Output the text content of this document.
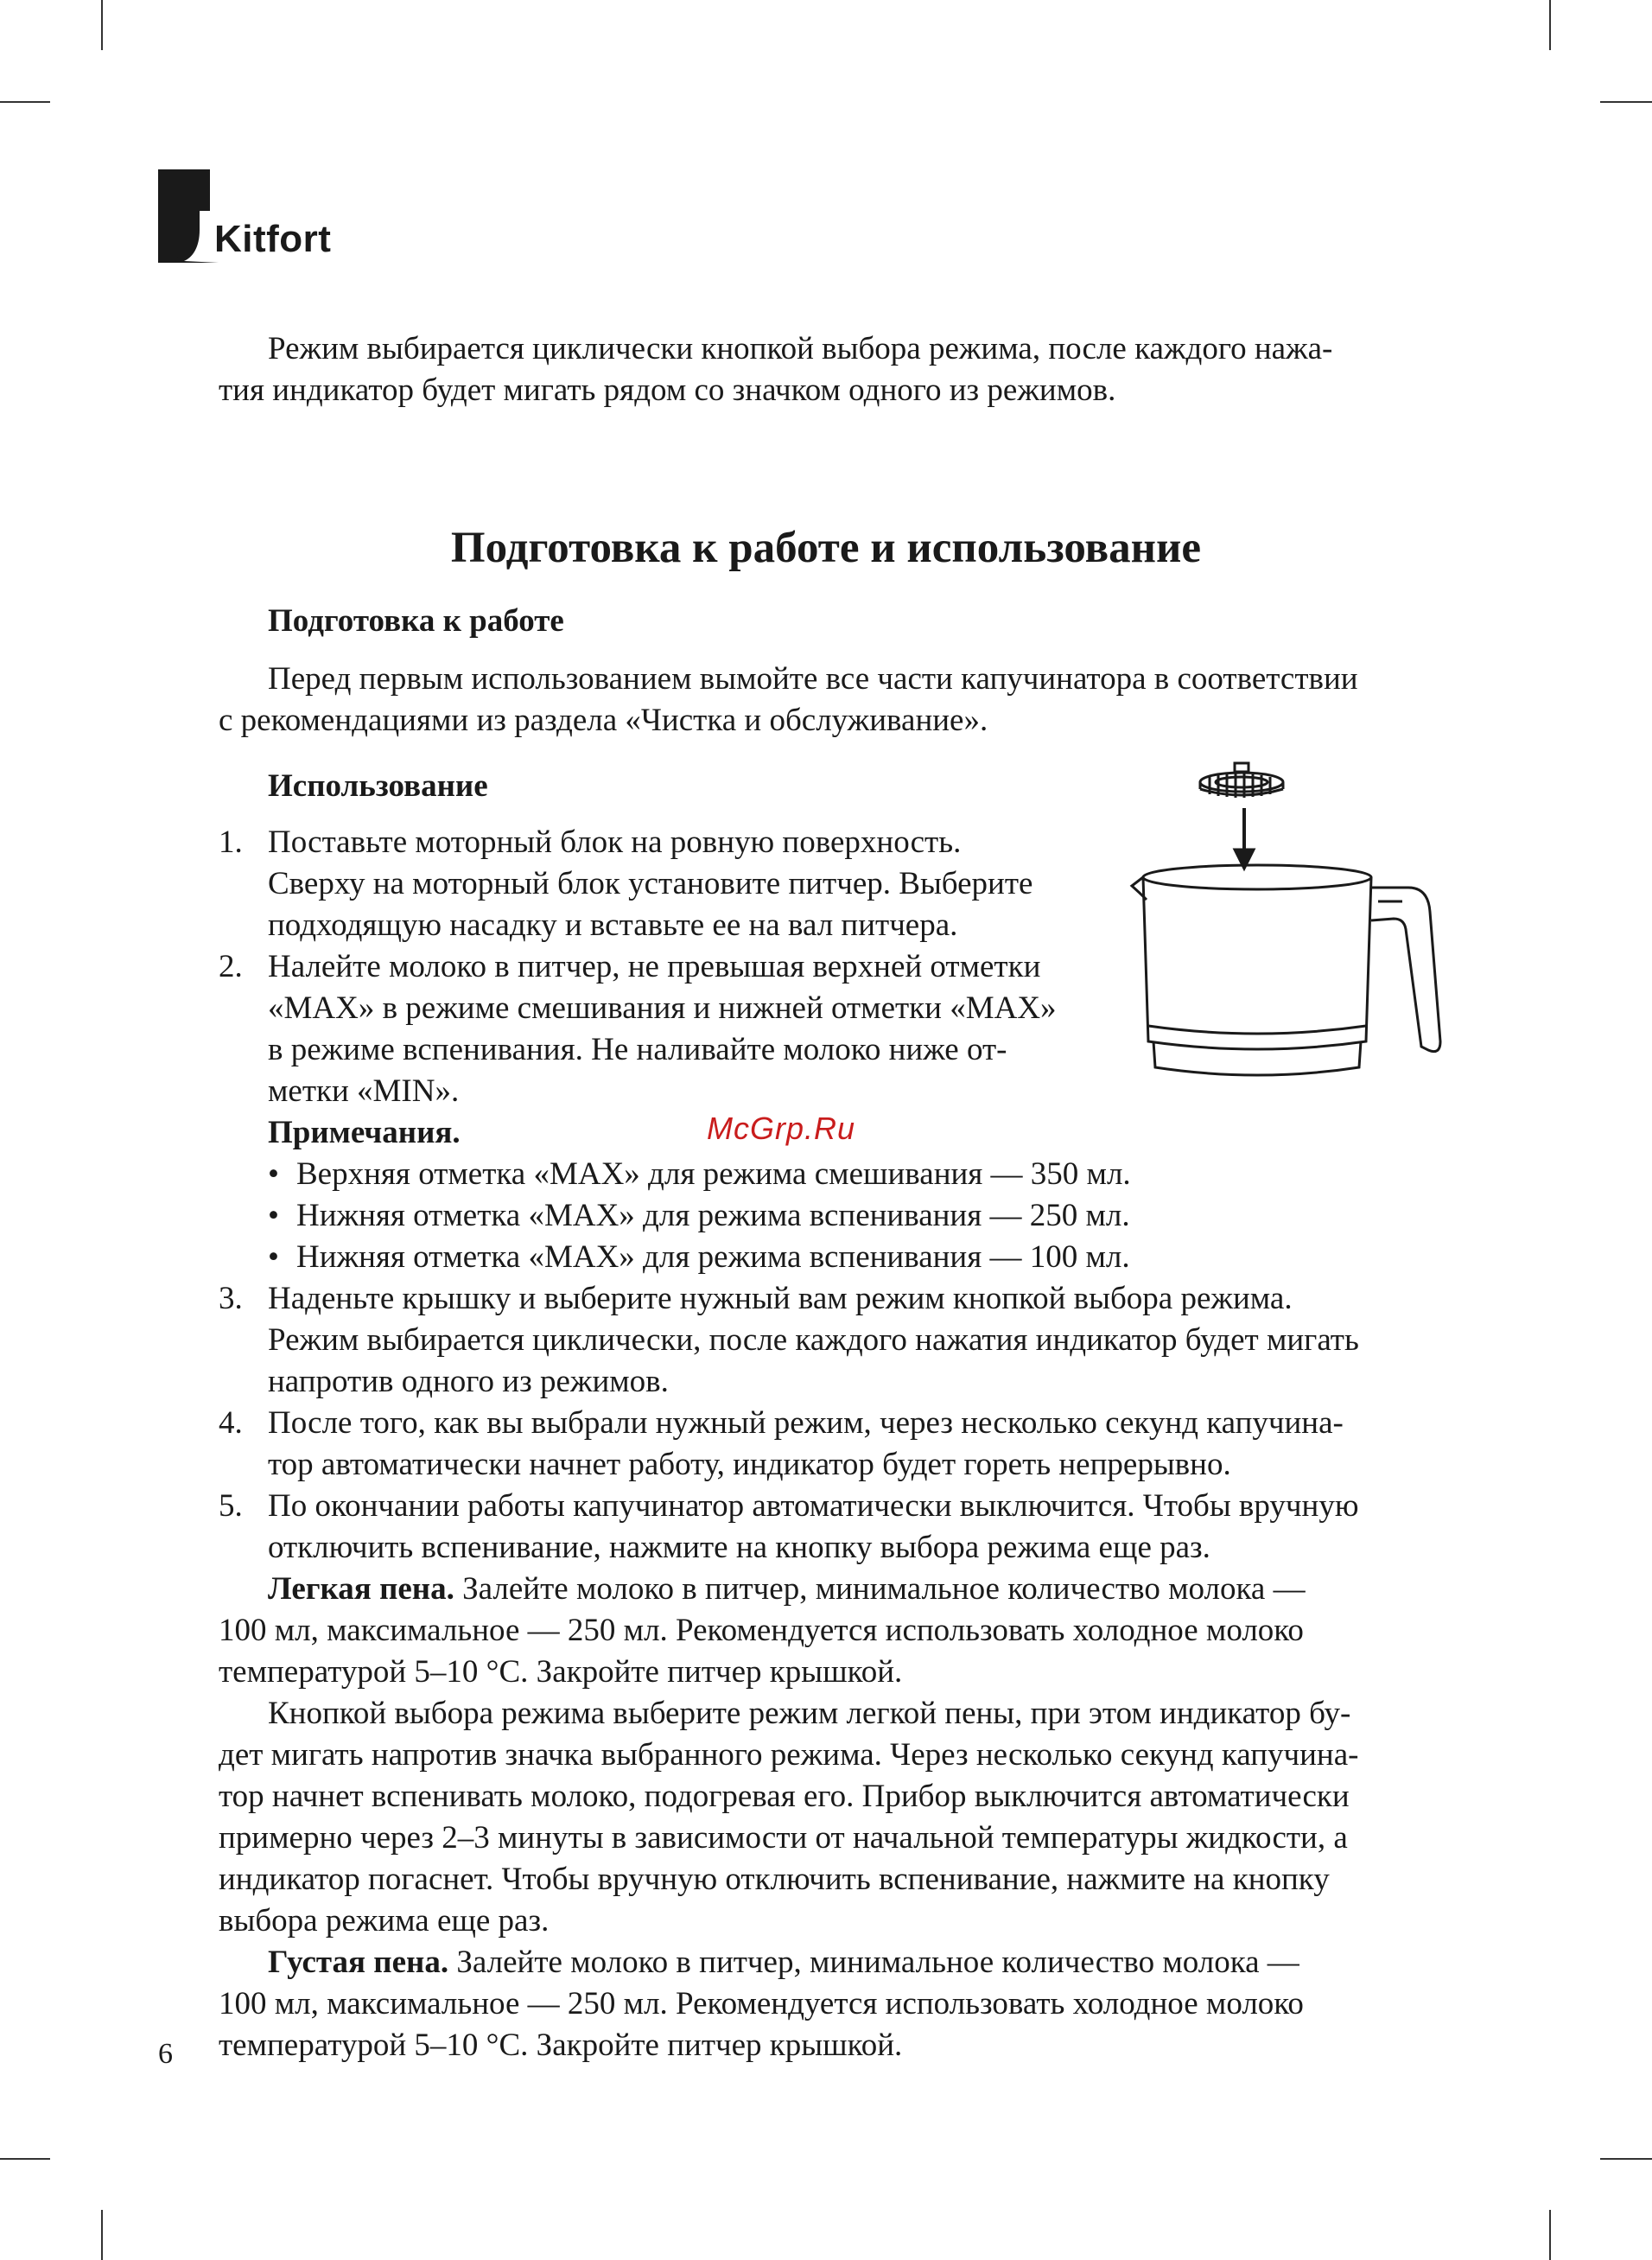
Kitfort
Режим выбирается циклически кнопкой выбора режима, после каждого нажа-
тия индикатор будет мигать рядом со значком одного из режимов.
Подготовка к работе и использование
Подготовка к работе
Перед первым использованием вымойте все части капучинатора в соответствии
с рекомендациями из раздела «Чистка и обслуживание».
Использование
1. Поставьте моторный блок на ровную поверхность.
Сверху на моторный блок установите питчер. Выберите
подходящую насадку и вставьте ее на вал питчера.
2. Налейте молоко в питчер, не превышая верхней отметки
«MAX» в режиме смешивания и нижней отметки «MAX»
в режиме вспенивания. Не наливайте молоко ниже от-
метки «MIN».
Примечания.	McGrp.Ru
• Верхняя отметка «MAX» для режима смешивания — 350 мл.
• Нижняя отметка «MAX» для режима вспенивания — 250 мл.
• Нижняя отметка «MAX» для режима вспенивания — 100 мл.
3. Наденьте крышку и выберите нужный вам режим кнопкой выбора режима.
Режим выбирается циклически, после каждого нажатия индикатор будет мигать
напротив одного из режимов.
4. После того, как вы выбрали нужный режим, через несколько секунд капучина-
тор автоматически начнет работу, индикатор будет гореть непрерывно.
5. По окончании работы капучинатор автоматически выключится. Чтобы вручную
отключить вспенивание, нажмите на кнопку выбора режима еще раз.
Легкая пена. Залейте молоко в питчер, минимальное количество молока —
100 мл, максимальное — 250 мл. Рекомендуется использовать холодное молоко
температурой 5–10 °С. Закройте питчер крышкой.
Кнопкой выбора режима выберите режим легкой пены, при этом индикатор бу-
дет мигать напротив значка выбранного режима. Через несколько секунд капучина-
тор начнет вспенивать молоко, подогревая его. Прибор выключится автоматически
примерно через 2–3 минуты в зависимости от начальной температуры жидкости, а
индикатор погаснет. Чтобы вручную отключить вспенивание, нажмите на кнопку
выбора режима еще раз.
Густая пена. Залейте молоко в питчер, минимальное количество молока —
100 мл, максимальное — 250 мл. Рекомендуется использовать холодное молоко
температурой 5–10 °С. Закройте питчер крышкой.
6
